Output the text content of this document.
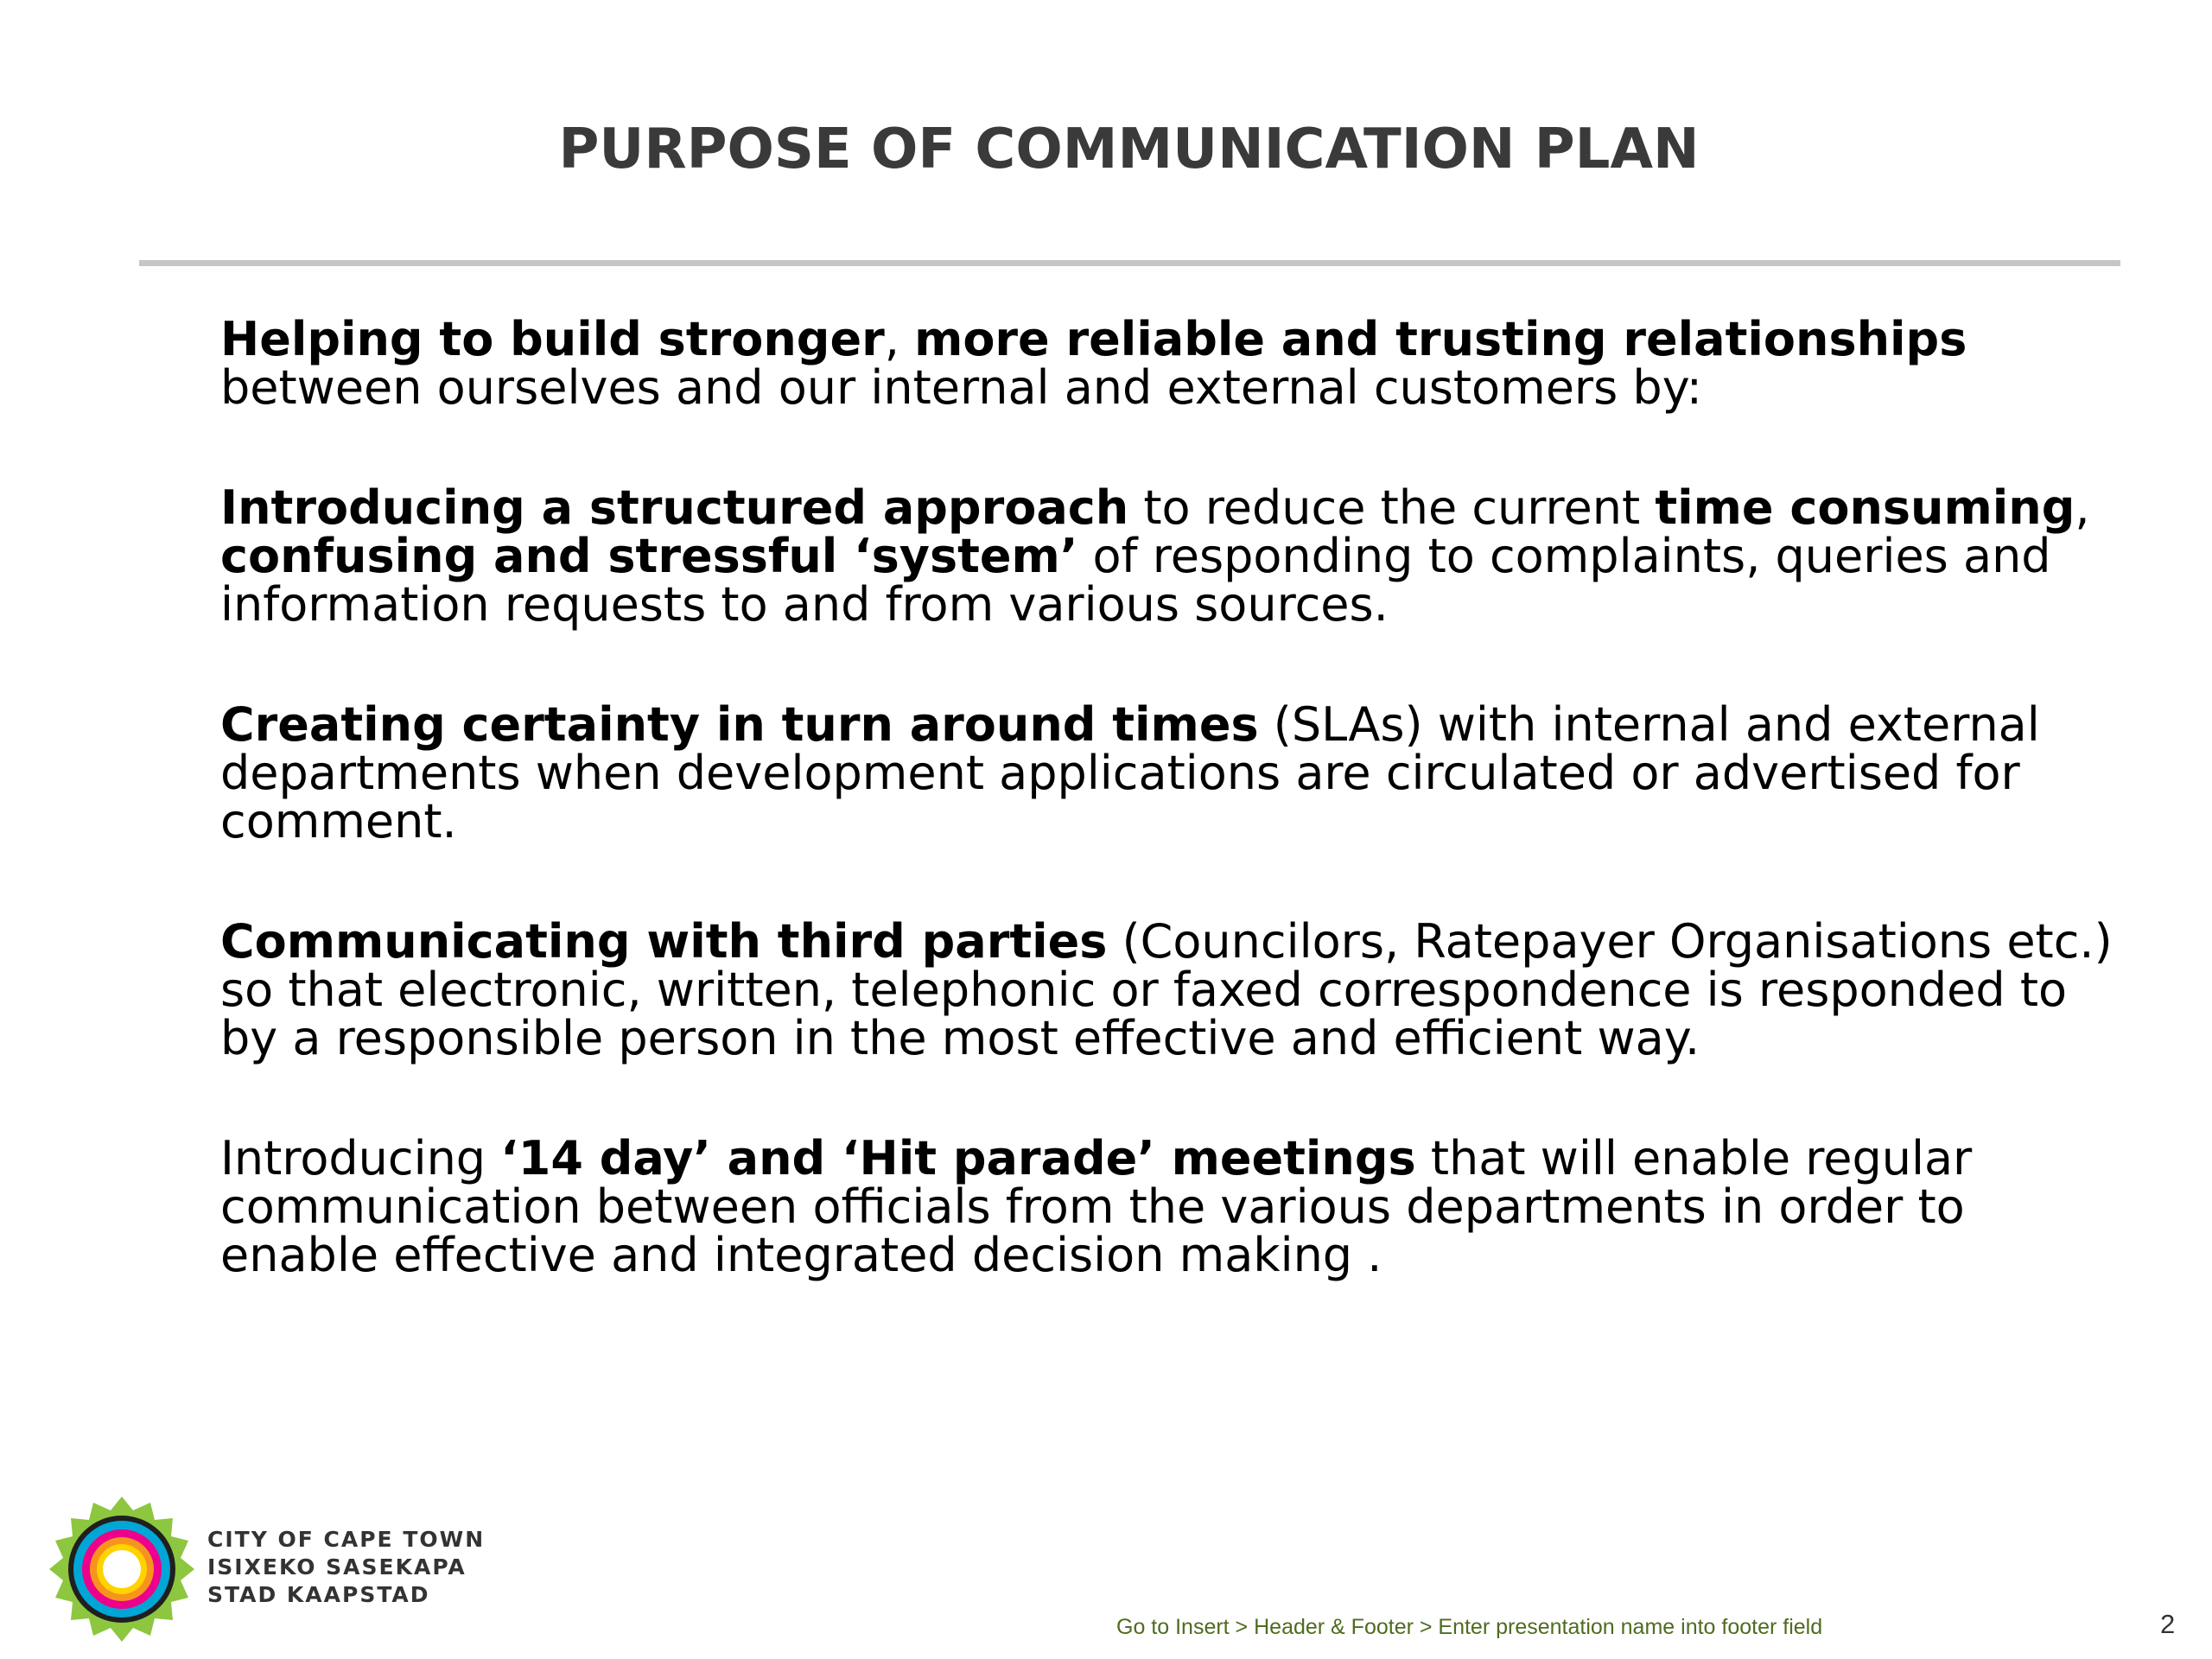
PURPOSE OF COMMUNICATION PLAN

Helping to build stronger, more reliable and trusting relationships between ourselves and our internal and external customers by:

Introducing a structured approach to reduce the current time consuming, confusing and stressful ‘system’ of responding to complaints, queries and information requests to and from various sources.

Creating certainty in turn around times (SLAs) with internal and external departments when development applications are circulated or advertised for comment.

Communicating with third parties (Councilors, Ratepayer Organisations etc.) so that electronic, written, telephonic or faxed correspondence is responded to by a responsible person in the most effective and efficient way.

Introducing ‘14 day’ and ‘Hit parade’ meetings that will enable regular communication between officials from the various departments in order to enable effective and integrated decision making .

CITY OF CAPE TOWN
ISIXEKO SASEKAPA
STAD KAAPSTAD
Go to Insert > Header & Footer > Enter presentation name into footer field	2
